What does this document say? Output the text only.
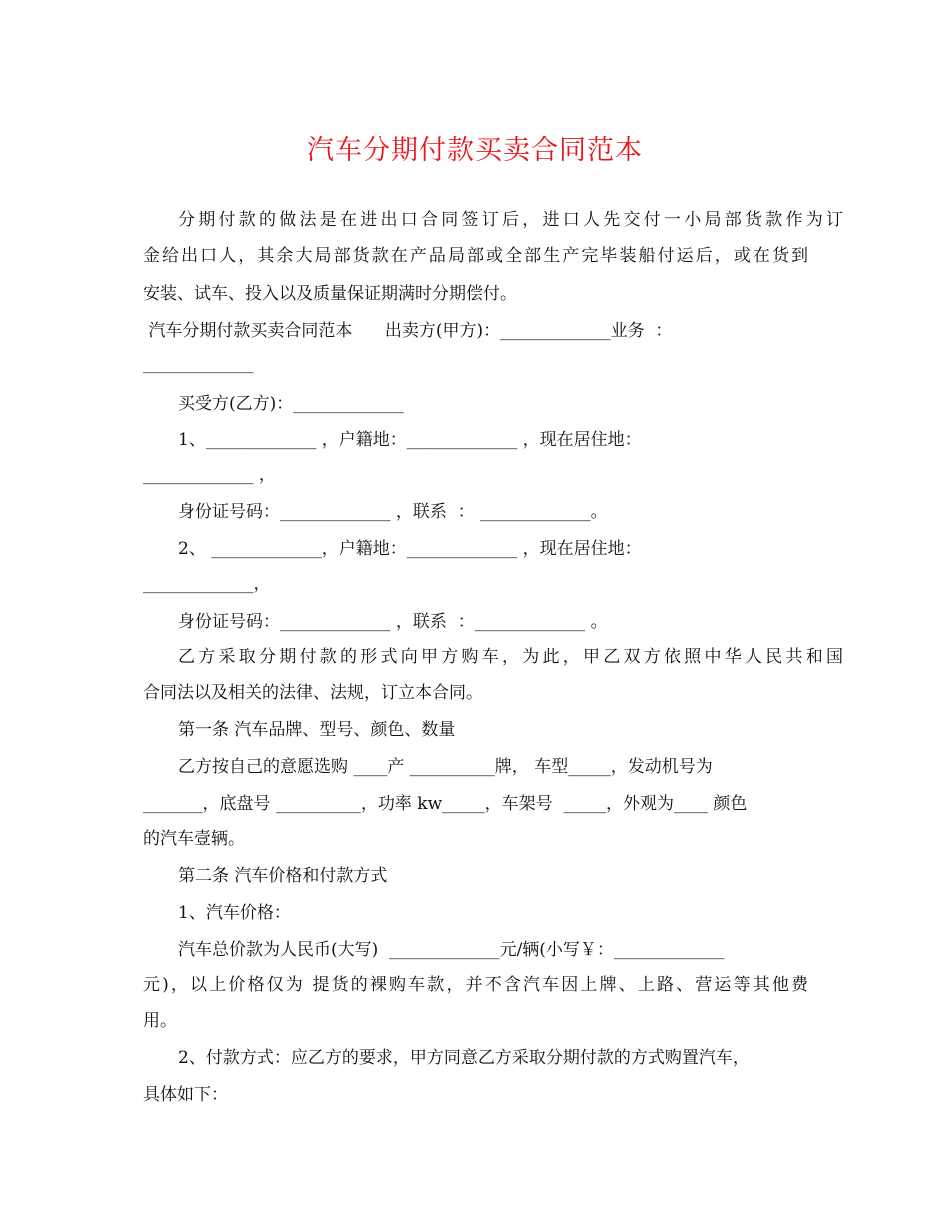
汽车分期付款买卖合同范本

分期付款的做法是在进出口合同签订后，进口人先交付一小局部货款作为订

金给出口人，其余大局部货款在产品局部或全部生产完毕装船付运后，或在货到

安装、试车、投入以及质量保证期满时分期偿付。

汽车分期付款买卖合同范本      出卖方(甲方)：_____________业务  ：

_____________

买受方(乙方)：_____________

1、_____________ ，户籍地：_____________ ，现在居住地：

_____________ ，

身份证号码：_____________ ，联系  ： _____________。

2、 _____________，户籍地：_____________ ，现在居住地：

_____________，

身份证号码：_____________ ，联系  ：_____________ 。

乙方采取分期付款的形式向甲方购车，为此，甲乙双方依照中华人民共和国

合同法以及相关的法律、法规，订立本合同。

第一条 汽车品牌、型号、颜色、数量

乙方按自己的意愿选购 ____产 __________牌， 车型_____，发动机号为

_______，底盘号 __________，功率 kw_____，车架号  _____，外观为____ 颜色

的汽车壹辆。

第二条 汽车价格和付款方式

1、汽车价格：

汽车总价款为人民币(大写)  _____________元/辆(小写￥：_____________

元)，以上价格仅为 提货的裸购车款，并不含汽车因上牌、上路、营运等其他费

用。

2、付款方式：应乙方的要求，甲方同意乙方采取分期付款的方式购置汽车，

具体如下：
